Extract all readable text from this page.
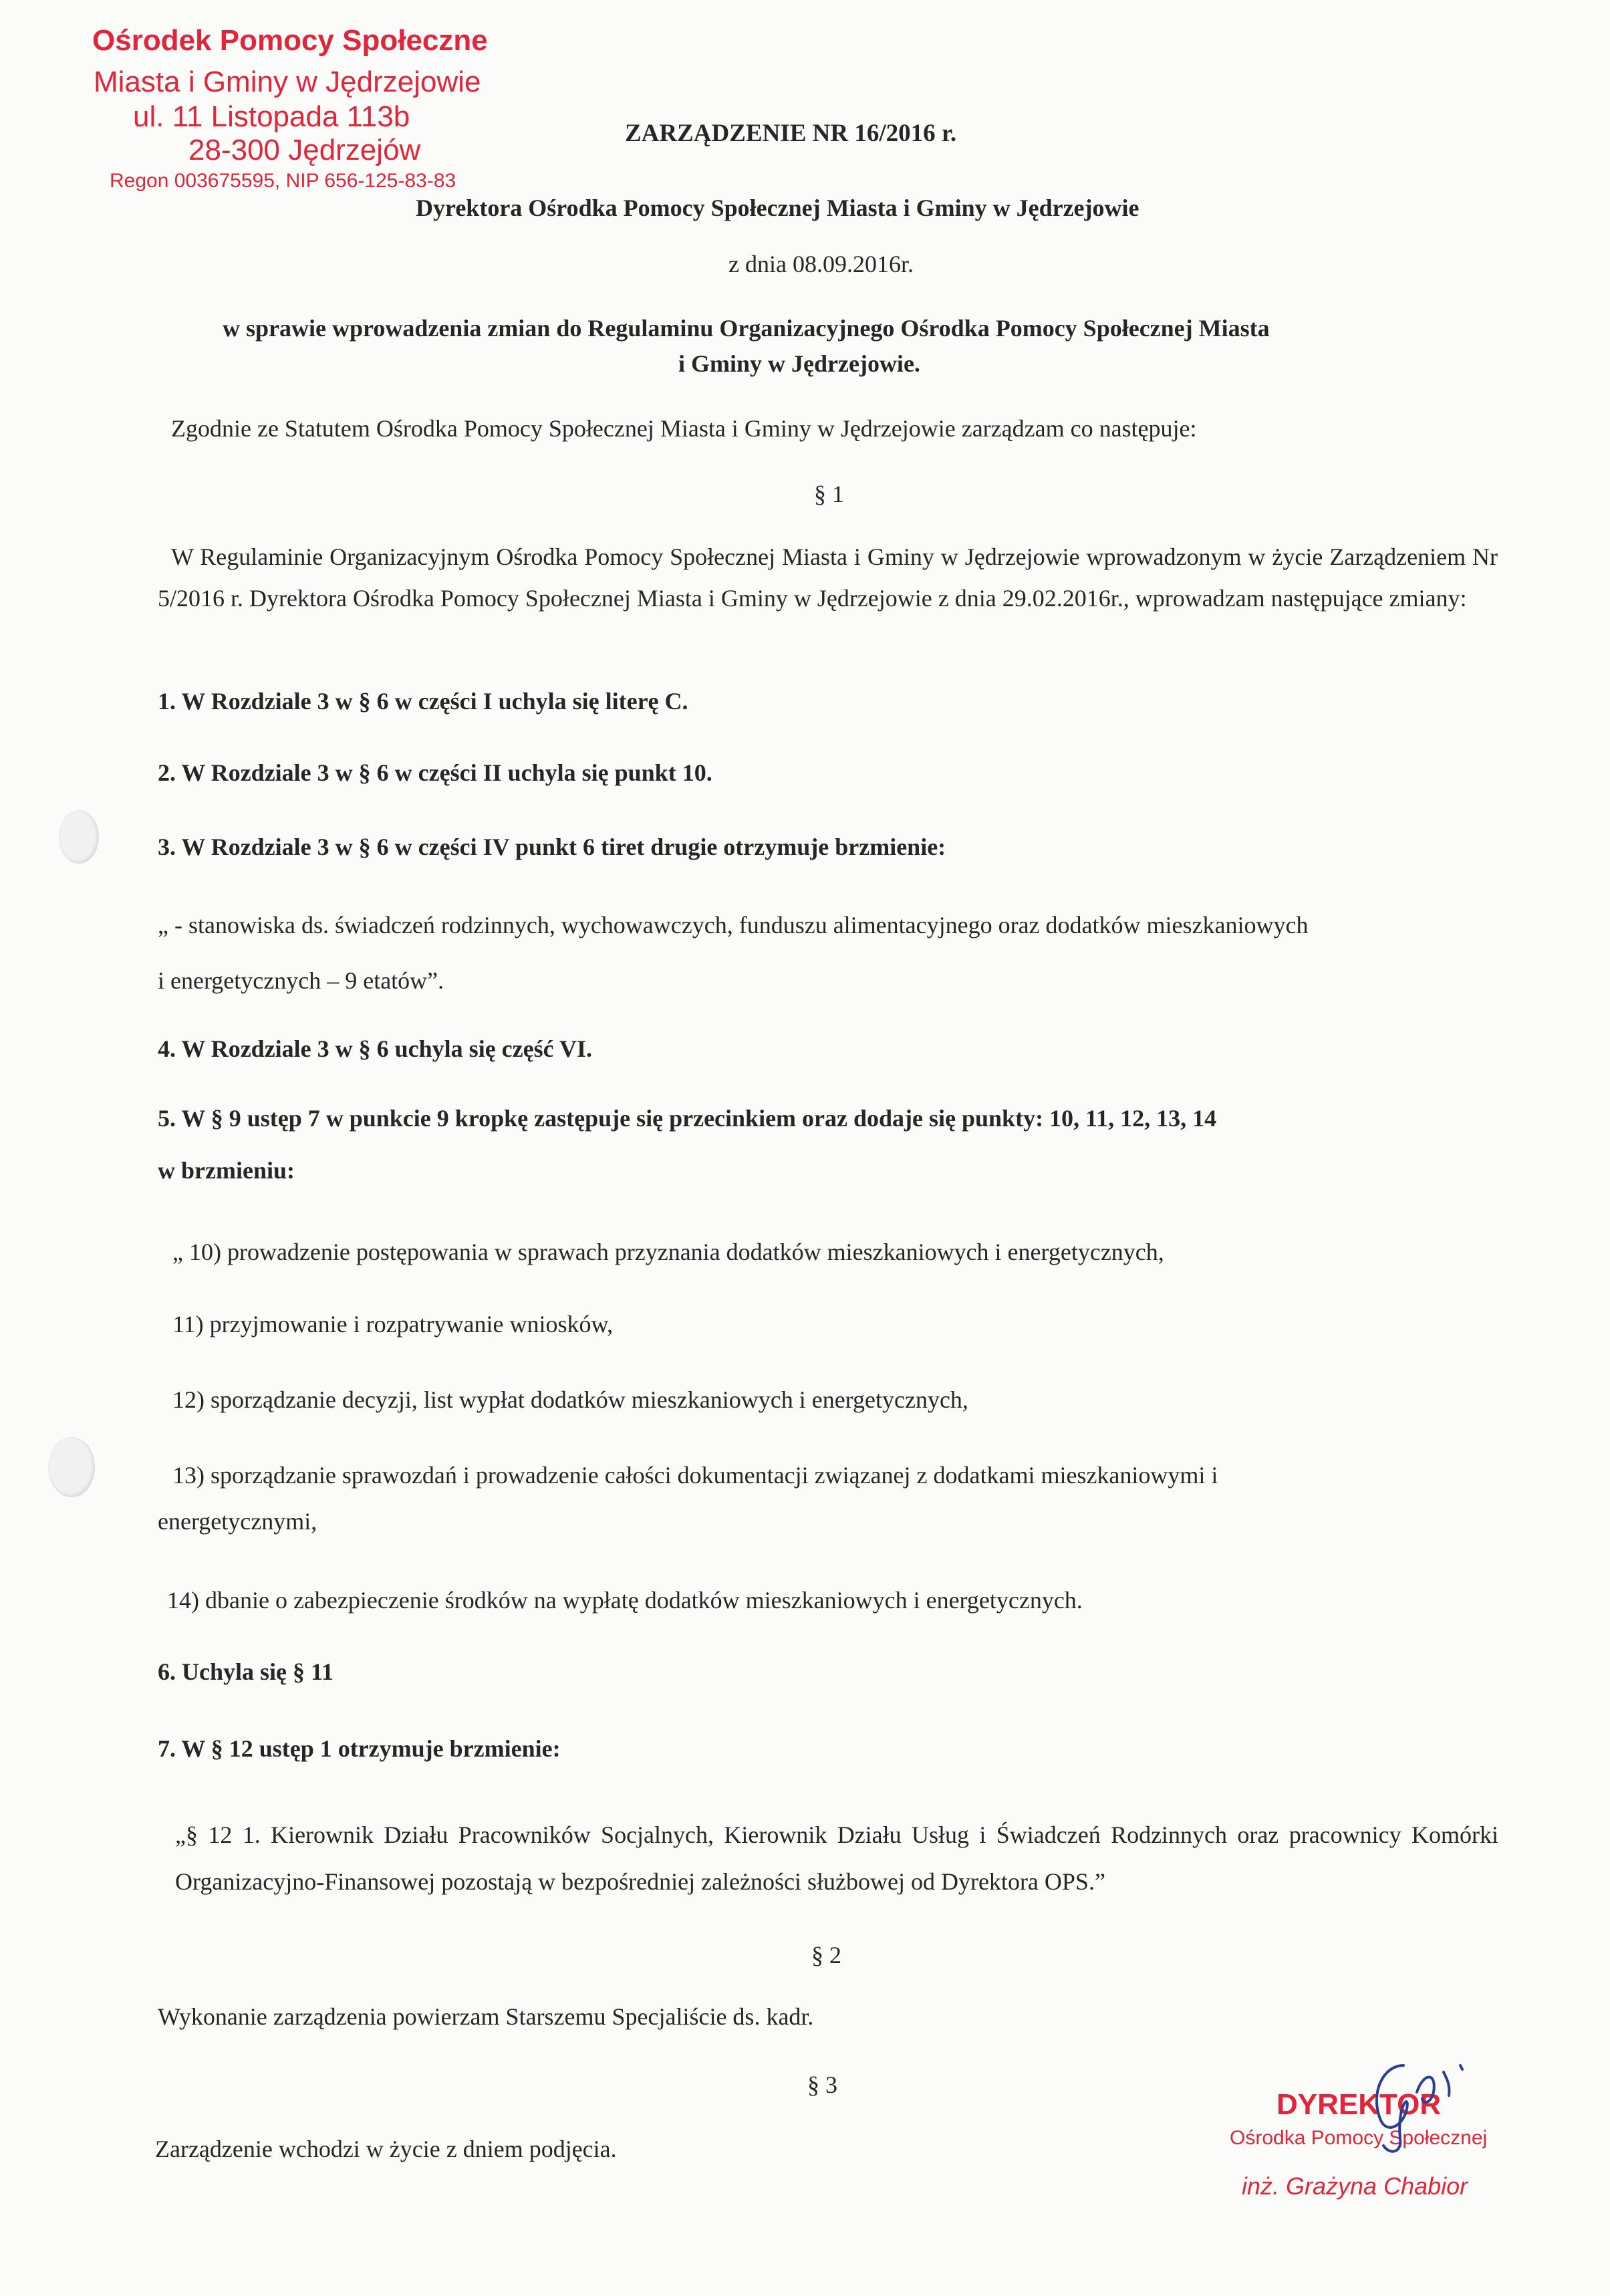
Ośrodek Pomocy Społeczne
Miasta i Gminy w Jędrzejowie
ul. 11 Listopada 113b
28-300 Jędrzejów
Regon 003675595, NIP 656-125-83-83
ZARZĄDZENIE NR 16/2016 r.
Dyrektora Ośrodka Pomocy Społecznej Miasta i Gminy w Jędrzejowie
z dnia 08.09.2016r.
w sprawie wprowadzenia zmian do Regulaminu Organizacyjnego Ośrodka Pomocy Społecznej Miasta
i Gminy w Jędrzejowie.
Zgodnie ze Statutem Ośrodka Pomocy Społecznej Miasta i Gminy w Jędrzejowie zarządzam co następuje:
§ 1
W Regulaminie Organizacyjnym Ośrodka Pomocy Społecznej Miasta i Gminy w Jędrzejowie wprowadzonym w życie Zarządzeniem Nr 5/2016 r. Dyrektora Ośrodka Pomocy Społecznej Miasta i Gminy w Jędrzejowie z dnia 29.02.2016r., wprowadzam następujące zmiany:
1. W Rozdziale 3 w § 6 w części I uchyla się literę C.
2. W Rozdziale 3 w § 6 w części II uchyla się punkt 10.
3. W Rozdziale 3 w § 6 w części IV punkt 6 tiret drugie otrzymuje brzmienie:
„ - stanowiska ds. świadczeń rodzinnych, wychowawczych, funduszu alimentacyjnego oraz dodatków mieszkaniowych
i energetycznych – 9 etatów”.
4. W Rozdziale 3 w § 6 uchyla się część VI.
5. W § 9 ustęp 7 w punkcie 9 kropkę zastępuje się przecinkiem oraz dodaje się punkty: 10, 11, 12, 13, 14
w brzmieniu:
„ 10) prowadzenie postępowania w sprawach przyznania dodatków mieszkaniowych i energetycznych,
11) przyjmowanie i rozpatrywanie wniosków,
12) sporządzanie decyzji, list wypłat dodatków mieszkaniowych i energetycznych,
13) sporządzanie sprawozdań i prowadzenie całości dokumentacji związanej z dodatkami mieszkaniowymi i
energetycznymi,
14) dbanie o zabezpieczenie środków na wypłatę dodatków mieszkaniowych i energetycznych.
6. Uchyla się § 11
7. W § 12 ustęp 1 otrzymuje brzmienie:
„§ 12 1. Kierownik Działu Pracowników Socjalnych, Kierownik Działu Usług i Świadczeń Rodzinnych oraz pracownicy Komórki Organizacyjno-Finansowej pozostają w bezpośredniej zależności służbowej od Dyrektora OPS.”
§ 2
Wykonanie zarządzenia powierzam Starszemu Specjaliście ds. kadr.
§ 3
Zarządzenie wchodzi w życie z dniem podjęcia.
DYREKTOR
Ośrodka Pomocy Społecznej
inż. Grażyna Chabior
